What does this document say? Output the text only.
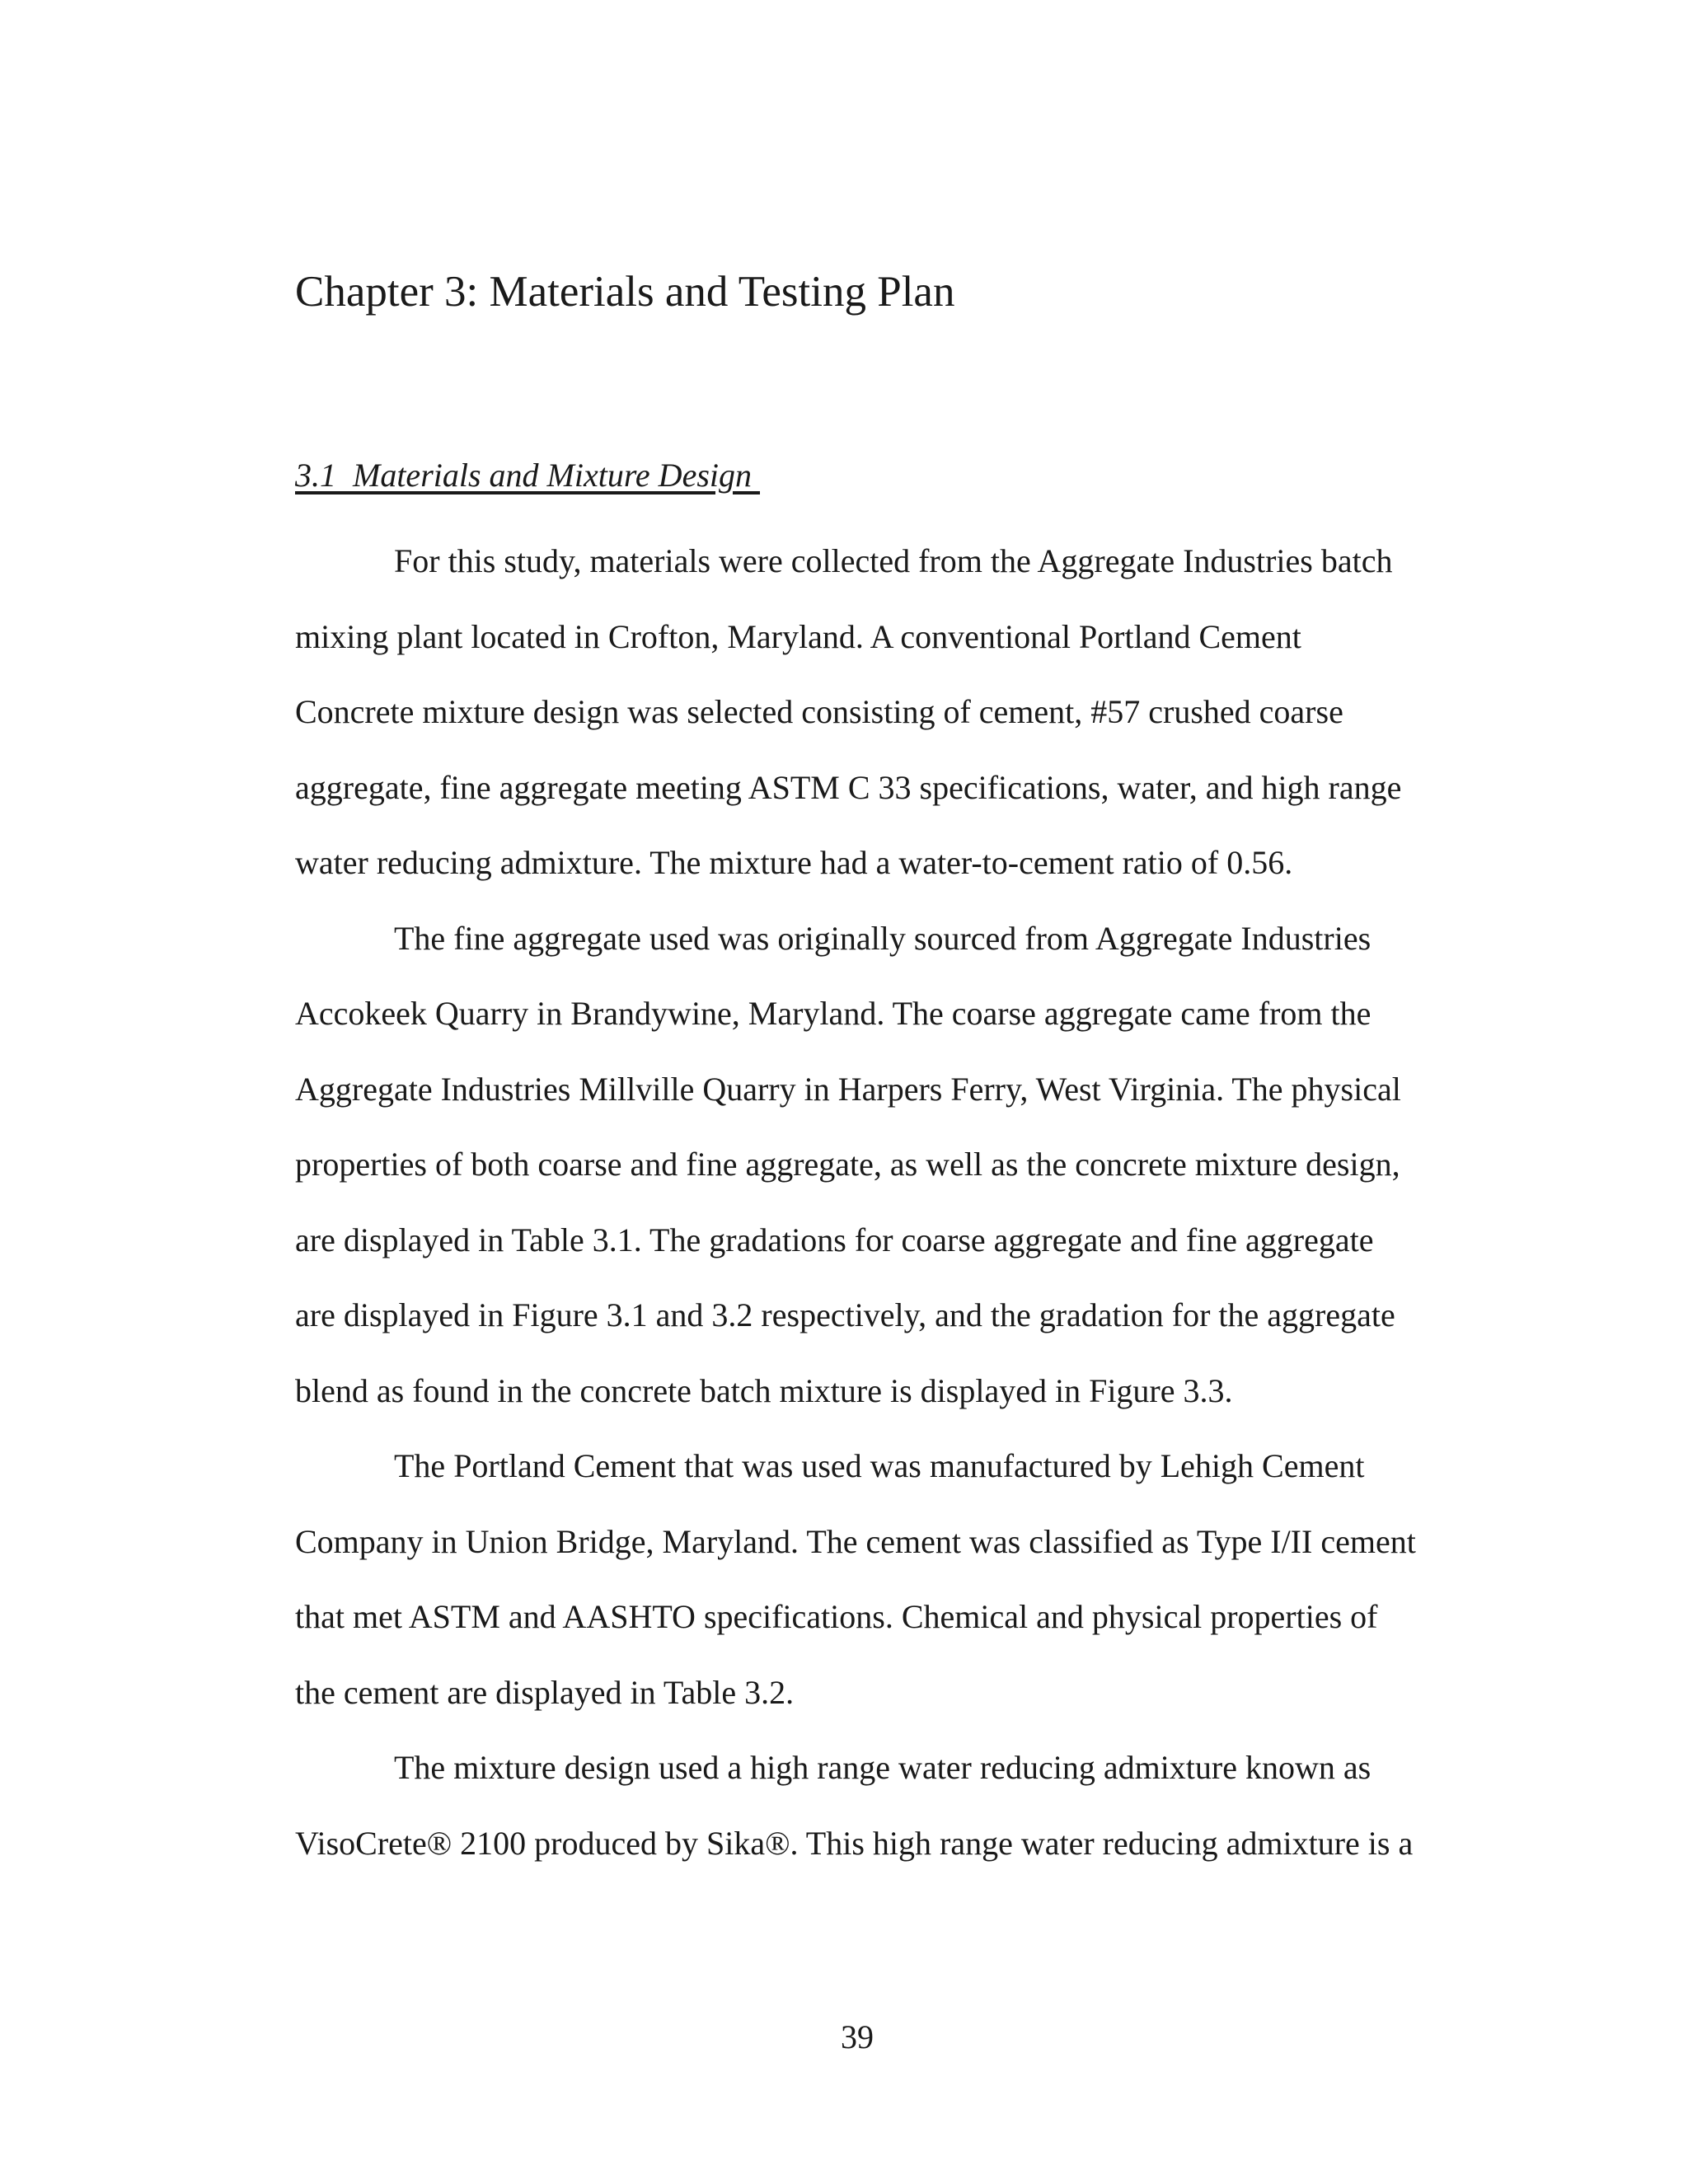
Chapter 3: Materials and Testing Plan
3.1  Materials and Mixture Design
For this study, materials were collected from the Aggregate Industries batch
mixing plant located in Crofton, Maryland. A conventional Portland Cement
Concrete mixture design was selected consisting of cement, #57 crushed coarse
aggregate, fine aggregate meeting ASTM C 33 specifications, water, and high range
water reducing admixture. The mixture had a water-to-cement ratio of 0.56.
The fine aggregate used was originally sourced from Aggregate Industries
Accokeek Quarry in Brandywine, Maryland. The coarse aggregate came from the
Aggregate Industries Millville Quarry in Harpers Ferry, West Virginia. The physical
properties of both coarse and fine aggregate, as well as the concrete mixture design,
are displayed in Table 3.1. The gradations for coarse aggregate and fine aggregate
are displayed in Figure 3.1 and 3.2 respectively, and the gradation for the aggregate
blend as found in the concrete batch mixture is displayed in Figure 3.3.
The Portland Cement that was used was manufactured by Lehigh Cement
Company in Union Bridge, Maryland. The cement was classified as Type I/II cement
that met ASTM and AASHTO specifications. Chemical and physical properties of
the cement are displayed in Table 3.2.
The mixture design used a high range water reducing admixture known as
VisoCrete® 2100 produced by Sika®. This high range water reducing admixture is a
39
